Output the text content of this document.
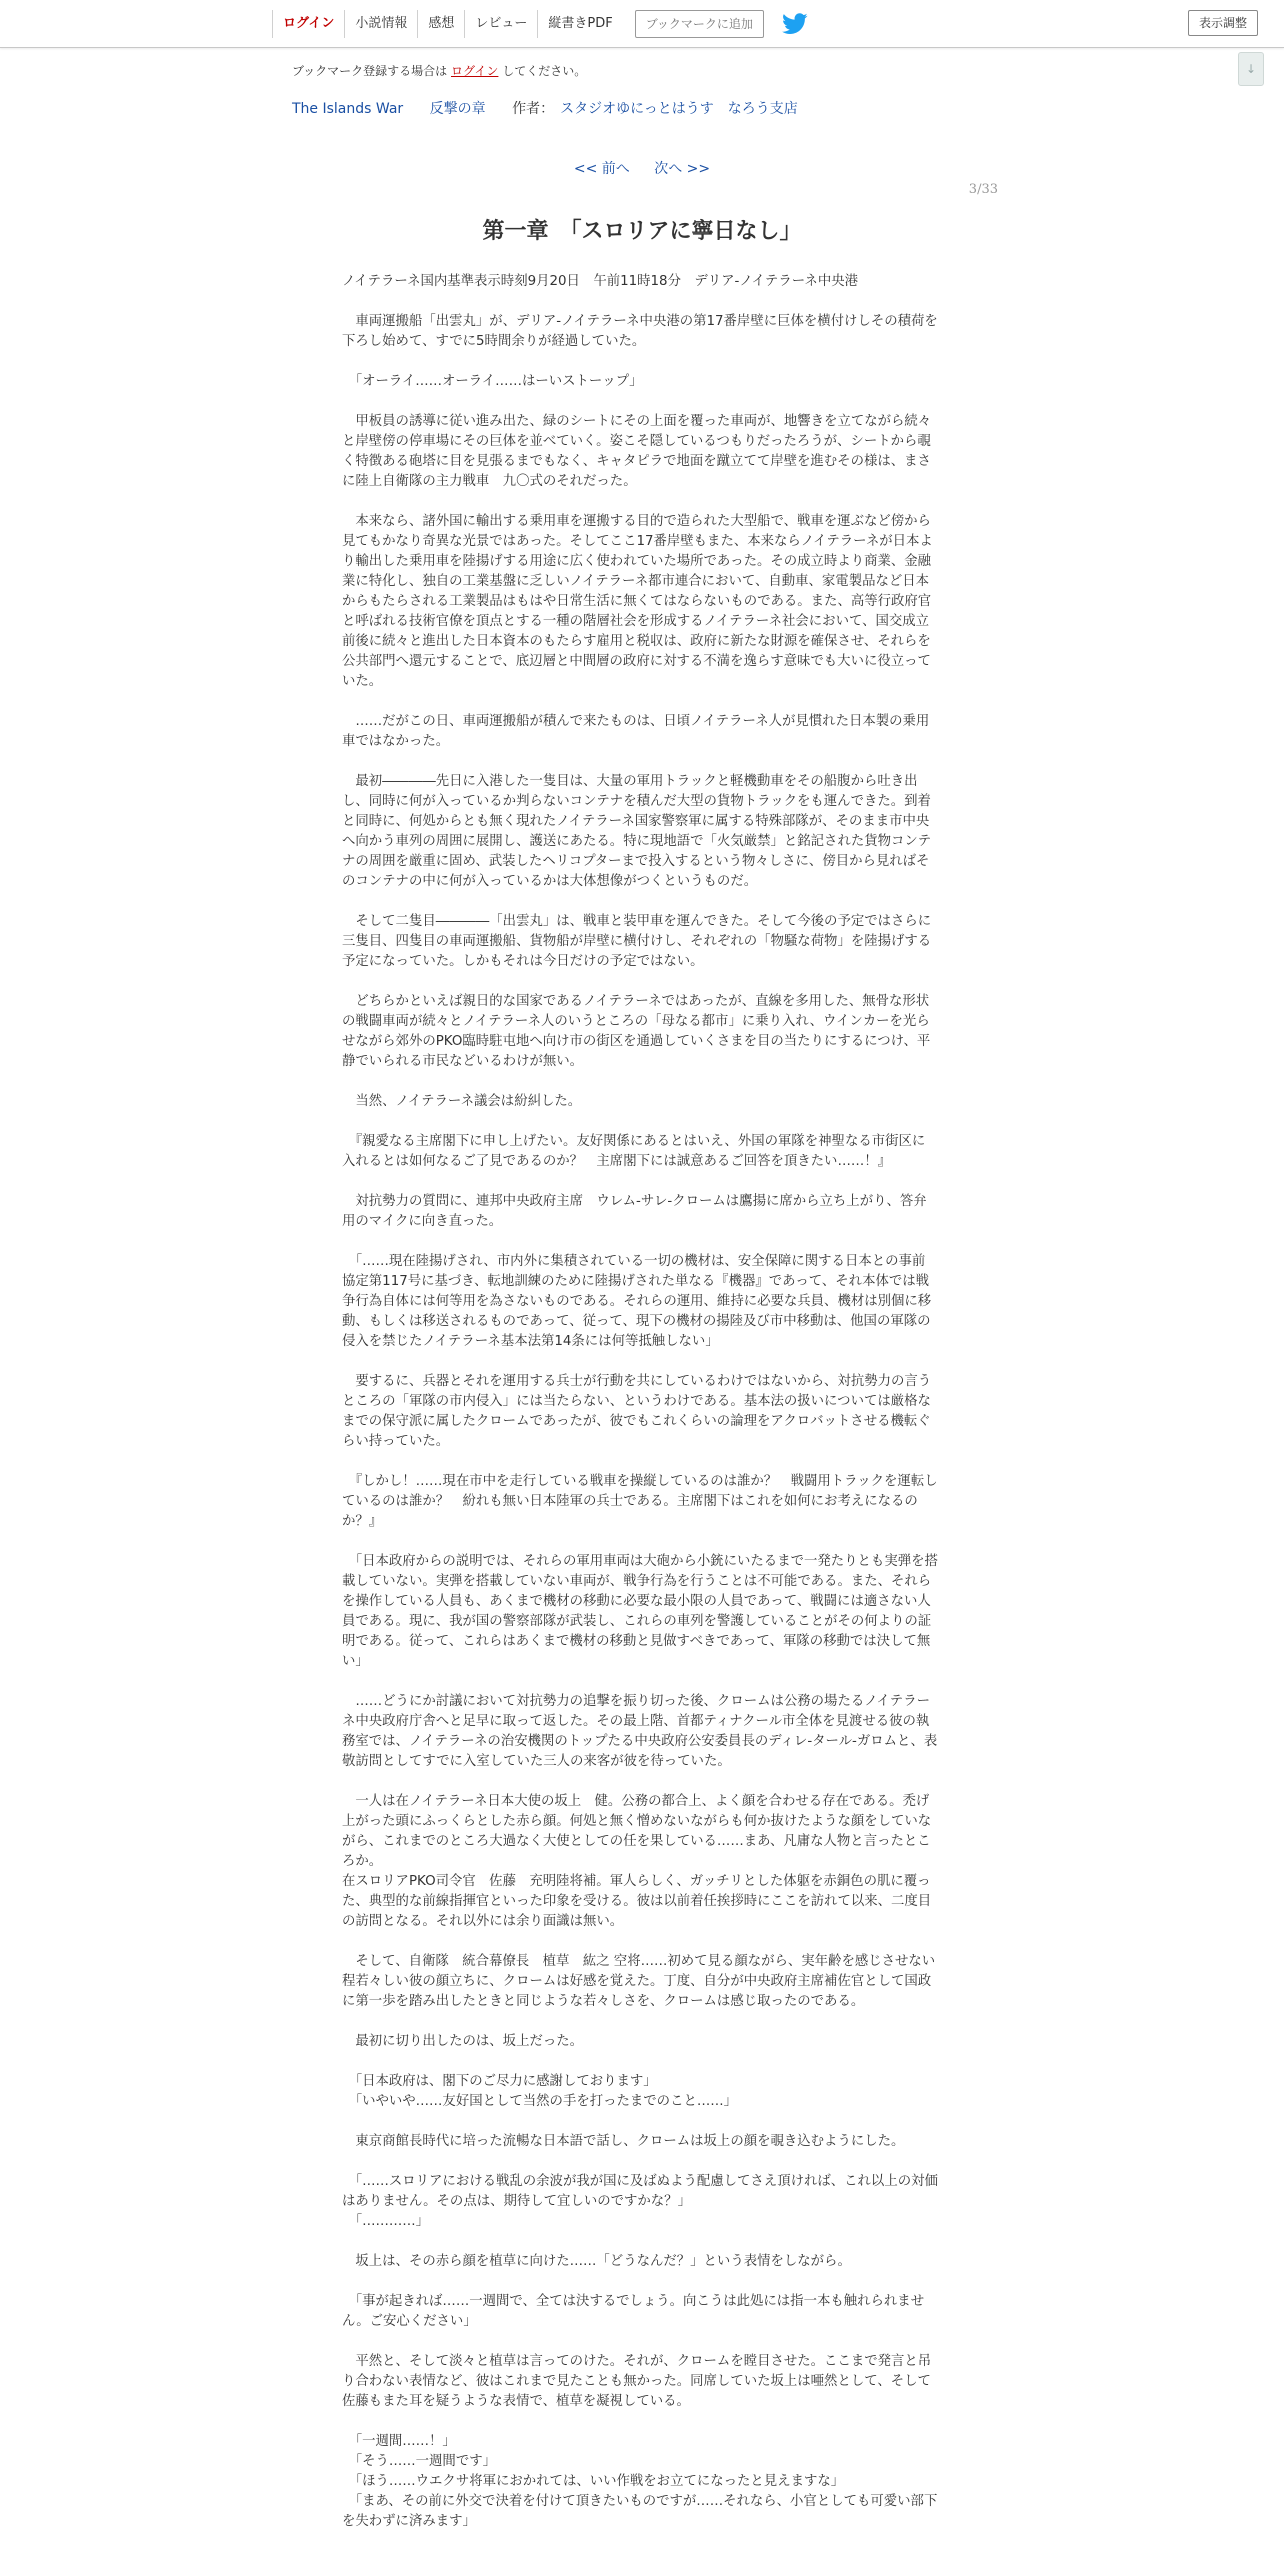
ログイン	小説情報	感想	レビュー	縦書きPDF	ブックマークに追加	表示調整
↓
ブックマーク登録する場合は ログイン してください。
The Islands War 反撃の章 作者： スタジオゆにっとはうす　なろう支店
<< 前へ 次へ >>
3/33
第一章　「スロリアに寧日なし」

ノイテラーネ国内基準表示時刻9月20日　午前11時18分　デリア-ノイテラーネ中央港

　車両運搬船「出雲丸」が、デリア-ノイテラーネ中央港の第17番岸壁に巨体を横付けしその積荷を下ろし始めて、すでに5時間余りが経過していた。

　「オーライ……オーライ……はーいストーップ」

　甲板員の誘導に従い進み出た、緑のシートにその上面を覆った車両が、地響きを立てながら続々と岸壁傍の停車場にその巨体を並べていく。姿こそ隠しているつもりだったろうが、シートから覗く特徴ある砲塔に目を見張るまでもなく、キャタピラで地面を蹴立てて岸壁を進むその様は、まさに陸上自衛隊の主力戦車　九〇式のそれだった。

　本来なら、諸外国に輸出する乗用車を運搬する目的で造られた大型船で、戦車を運ぶなど傍から見てもかなり奇異な光景ではあった。そしてここ17番岸壁もまた、本来ならノイテラーネが日本より輸出した乗用車を陸揚げする用途に広く使われていた場所であった。その成立時より商業、金融業に特化し、独自の工業基盤に乏しいノイテラーネ都市連合において、自動車、家電製品など日本からもたらされる工業製品はもはや日常生活に無くてはならないものである。また、高等行政府官と呼ばれる技術官僚を頂点とする一種の階層社会を形成するノイテラーネ社会において、国交成立前後に続々と進出した日本資本のもたらす雇用と税収は、政府に新たな財源を確保させ、それらを公共部門へ還元することで、底辺層と中間層の政府に対する不満を逸らす意味でも大いに役立っていた。

　……だがこの日、車両運搬船が積んで来たものは、日頃ノイテラーネ人が見慣れた日本製の乗用車ではなかった。

　最初――――先日に入港した一隻目は、大量の軍用トラックと軽機動車をその船腹から吐き出し、同時に何が入っているか判らないコンテナを積んだ大型の貨物トラックをも運んできた。到着と同時に、何処からとも無く現れたノイテラーネ国家警察軍に属する特殊部隊が、そのまま市中央へ向かう車列の周囲に展開し、護送にあたる。特に現地語で「火気厳禁」と銘記された貨物コンテナの周囲を厳重に固め、武装したヘリコプターまで投入するという物々しさに、傍目から見ればそのコンテナの中に何が入っているかは大体想像がつくというものだ。

　そして二隻目――――「出雲丸」は、戦車と装甲車を運んできた。そして今後の予定ではさらに三隻目、四隻目の車両運搬船、貨物船が岸壁に横付けし、それぞれの「物騒な荷物」を陸揚げする予定になっていた。しかもそれは今日だけの予定ではない。

　どちらかといえば親日的な国家であるノイテラーネではあったが、直線を多用した、無骨な形状の戦闘車両が続々とノイテラーネ人のいうところの「母なる都市」に乗り入れ、ウインカーを光らせながら郊外のPKO臨時駐屯地へ向け市の街区を通過していくさまを目の当たりにするにつけ、平静でいられる市民などいるわけが無い。

　当然、ノイテラーネ議会は紛糾した。

　『親愛なる主席閣下に申し上げたい。友好関係にあるとはいえ、外国の軍隊を神聖なる市街区に入れるとは如何なるご了見であるのか？　主席閣下には誠意あるご回答を頂きたい……！』

　対抗勢力の質問に、連邦中央政府主席　ウレム-サレ-クロームは鷹揚に席から立ち上がり、答弁用のマイクに向き直った。

　「……現在陸揚げされ、市内外に集積されている一切の機材は、安全保障に関する日本との事前協定第117号に基づき、転地訓練のために陸揚げされた単なる『機器』であって、それ本体では戦争行為自体には何等用を為さないものである。それらの運用、維持に必要な兵員、機材は別個に移動、もしくは移送されるものであって、従って、現下の機材の揚陸及び市中移動は、他国の軍隊の侵入を禁じたノイテラーネ基本法第14条には何等抵触しない」

　要するに、兵器とそれを運用する兵士が行動を共にしているわけではないから、対抗勢力の言うところの「軍隊の市内侵入」には当たらない、というわけである。基本法の扱いについては厳格なまでの保守派に属したクロームであったが、彼でもこれくらいの論理をアクロバットさせる機転ぐらい持っていた。

　『しかし！……現在市中を走行している戦車を操縦しているのは誰か？　戦闘用トラックを運転しているのは誰か？　紛れも無い日本陸軍の兵士である。主席閣下はこれを如何にお考えになるのか？』

　「日本政府からの説明では、それらの軍用車両は大砲から小銃にいたるまで一発たりとも実弾を搭載していない。実弾を搭載していない車両が、戦争行為を行うことは不可能である。また、それらを操作している人員も、あくまで機材の移動に必要な最小限の人員であって、戦闘には適さない人員である。現に、我が国の警察部隊が武装し、これらの車列を警護していることがその何よりの証明である。従って、これらはあくまで機材の移動と見做すべきであって、軍隊の移動では決して無い」

　……どうにか討議において対抗勢力の追撃を振り切った後、クロームは公務の場たるノイテラーネ中央政府庁舎へと足早に取って返した。その最上階、首都ティナクール市全体を見渡せる彼の執務室では、ノイテラーネの治安機関のトップたる中央政府公安委員長のディレ-タール-ガロムと、表敬訪問としてすでに入室していた三人の来客が彼を待っていた。

　一人は在ノイテラーネ日本大使の坂上　健。公務の都合上、よく顔を合わせる存在である。禿げ上がった頭にふっくらとした赤ら顔。何処と無く憎めないながらも何か抜けたような顔をしていながら、これまでのところ大過なく大使としての任を果している……まあ、凡庸な人物と言ったところか。
在スロリアPKO司令官　佐藤　充明陸将補。軍人らしく、ガッチリとした体躯を赤銅色の肌に覆った、典型的な前線指揮官といった印象を受ける。彼は以前着任挨拶時にここを訪れて以来、二度目の訪問となる。それ以外には余り面識は無い。

　そして、自衛隊　統合幕僚長　植草　紘之 空将……初めて見る顔ながら、実年齢を感じさせない程若々しい彼の顔立ちに、クロームは好感を覚えた。丁度、自分が中央政府主席補佐官として国政に第一歩を踏み出したときと同じような若々しさを、クロームは感じ取ったのである。

　最初に切り出したのは、坂上だった。

　「日本政府は、閣下のご尽力に感謝しております」
　「いやいや……友好国として当然の手を打ったまでのこと……」

　東京商館長時代に培った流暢な日本語で話し、クロームは坂上の顔を覗き込むようにした。

　「……スロリアにおける戦乱の余波が我が国に及ばぬよう配慮してさえ頂ければ、これ以上の対価はありません。その点は、期待して宜しいのですかな？」
　「…………」

　坂上は、その赤ら顔を植草に向けた……「どうなんだ？」という表情をしながら。

　「事が起きれば……一週間で、全ては決するでしょう。向こうは此処には指一本も触れられません。ご安心ください」

　平然と、そして淡々と植草は言ってのけた。それが、クロームを瞠目させた。ここまで発言と吊り合わない表情など、彼はこれまで見たことも無かった。同席していた坂上は唖然として、そして佐藤もまた耳を疑うような表情で、植草を凝視している。

　「一週間……！」
　「そう……一週間です」
　「ほう……ウエクサ将軍におかれては、いい作戦をお立てになったと見えますな」
　「まあ、その前に外交で決着を付けて頂きたいものですが……それなら、小官としても可愛い部下を失わずに済みます」
